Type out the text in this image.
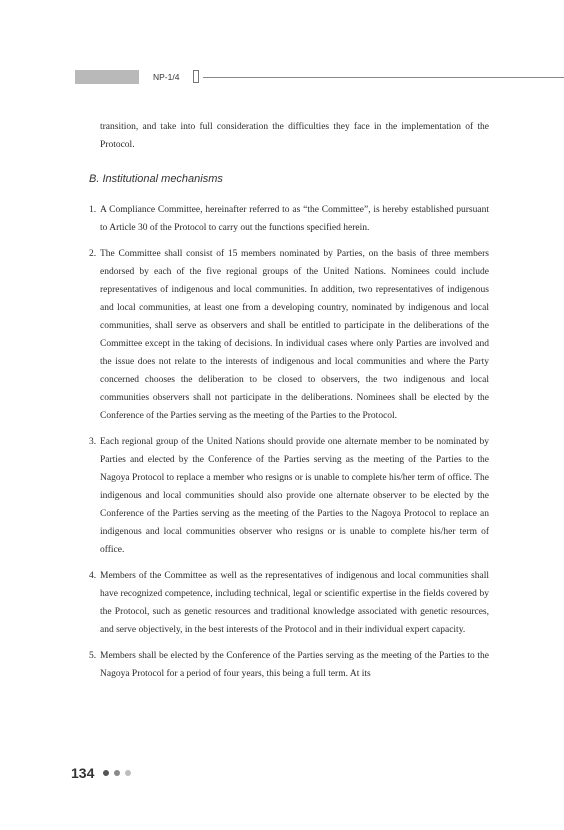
NP-1/4

transition, and take into full consideration the difficulties they face in the implementation of the Protocol.

B. Institutional mechanisms
1. A Compliance Committee, hereinafter referred to as “the Committee”, is hereby established pursuant to Article 30 of the Protocol to carry out the functions specified herein.
2. The Committee shall consist of 15 members nominated by Parties, on the basis of three members endorsed by each of the five regional groups of the United Nations. Nominees could include representatives of indigenous and local communities. In addition, two representatives of indigenous and local communities, at least one from a developing country, nominated by indigenous and local communities, shall serve as observers and shall be entitled to participate in the deliberations of the Committee except in the taking of decisions. In individual cases where only Parties are involved and the issue does not relate to the interests of indigenous and local communities and where the Party concerned chooses the deliberation to be closed to observers, the two indigenous and local communities observers shall not participate in the deliberations. Nominees shall be elected by the Conference of the Parties serving as the meeting of the Parties to the Protocol.
3. Each regional group of the United Nations should provide one alternate member to be nominated by Parties and elected by the Conference of the Parties serving as the meeting of the Parties to the Nagoya Protocol to replace a member who resigns or is unable to complete his/her term of office. The indigenous and local communities should also provide one alternate observer to be elected by the Conference of the Parties serving as the meeting of the Parties to the Nagoya Protocol to replace an indigenous and local communities observer who resigns or is unable to complete his/her term of office.
4. Members of the Committee as well as the representatives of indigenous and local communities shall have recognized competence, including technical, legal or scientific expertise in the fields covered by the Protocol, such as genetic resources and traditional knowledge associated with genetic resources, and serve objectively, in the best interests of the Protocol and in their individual expert capacity.
5. Members shall be elected by the Conference of the Parties serving as the meeting of the Parties to the Nagoya Protocol for a period of four years, this being a full term. At its
134
